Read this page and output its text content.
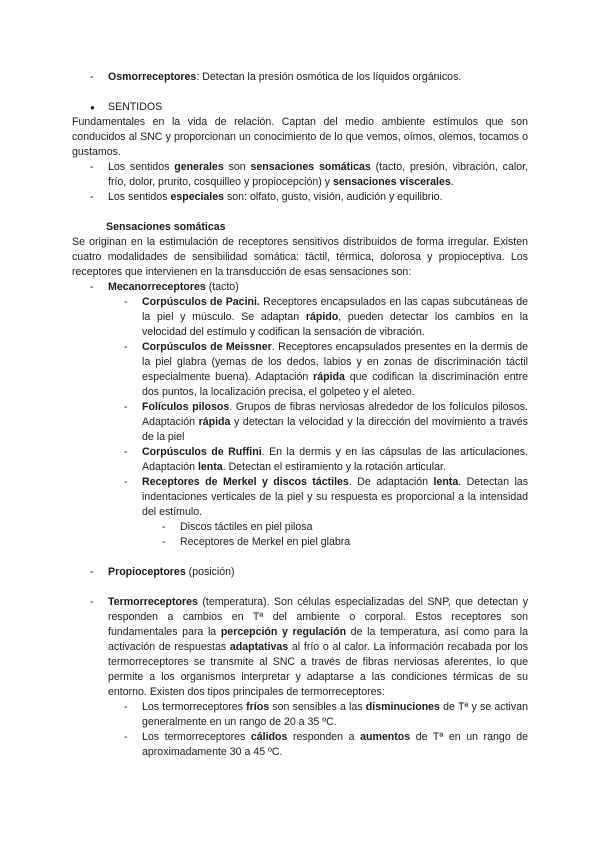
- Osmorreceptores: Detectan la presión osmótica de los líquidos orgánicos.
● SENTIDOS
Fundamentales en la vida de relación. Captan del medio ambiente estímulos que son conducidos al SNC y proporcionan un conocimiento de lo que vemos, oímos, olemos, tocamos o gustamos.
- Los sentidos generales son sensaciones somáticas (tacto, presión, vibración, calor, frío, dolor, prurito, cosquilleo y propiocepción) y sensaciones viscerales.
- Los sentidos especiales son: olfato, gusto, visión, audición y equilibrio.
Sensaciones somáticas
Se originan en la estimulación de receptores sensitivos distribuidos de forma irregular. Existen cuatro modalidades de sensibilidad somática: táctil, térmica, dolorosa y propioceptiva. Los receptores que intervienen en la transducción de esas sensaciones son:
- Mecanorreceptores (tacto)
- Corpúsculos de Pacini. Receptores encapsulados en las capas subcutáneas de la piel y músculo. Se adaptan rápido, pueden detectar los cambios en la velocidad del estímulo y codifican la sensación de vibración.
- Corpúsculos de Meissner. Receptores encapsulados presentes en la dermis de la piel glabra (yemas de los dedos, labios y en zonas de discriminación táctil especialmente buena). Adaptación rápida que codifican la discriminación entre dos puntos, la localización precisa, el golpeteo y el aleteo.
- Folículos pilosos. Grupos de fibras nerviosas alrededor de los folículos pilosos. Adaptación rápida y detectan la velocidad y la dirección del movimiento a través de la piel
- Corpúsculos de Ruffini. En la dermis y en las cápsulas de las articulaciones. Adaptación lenta. Detectan el estiramiento y la rotación articular.
- Receptores de Merkel y discos táctiles. De adaptación lenta. Detectan las indentaciones verticales de la piel y su respuesta es proporcional a la intensidad del estímulo.
- Discos táctiles en piel pilosa
- Receptores de Merkel en piel glabra
- Propioceptores (posición)
- Termorreceptores (temperatura). Son células especializadas del SNP, que detectan y responden a cambios en Tª del ambiente o corporal. Estos receptores son fundamentales para la percepción y regulación de la temperatura, así como para la activación de respuestas adaptativas al frío o al calor. La información recabada por los termorreceptores se transmite al SNC a través de fibras nerviosas aferentes, lo que permite a los organismos interpretar y adaptarse a las condiciones térmicas de su entorno. Existen dos tipos principales de termorreceptores:
- Los termorreceptores fríos son sensibles a las disminuciones de Tª y se activan generalmente en un rango de 20 a 35 ºC.
- Los termorreceptores cálidos responden a aumentos de Tª en un rango de aproximadamente 30 a 45 ºC.
